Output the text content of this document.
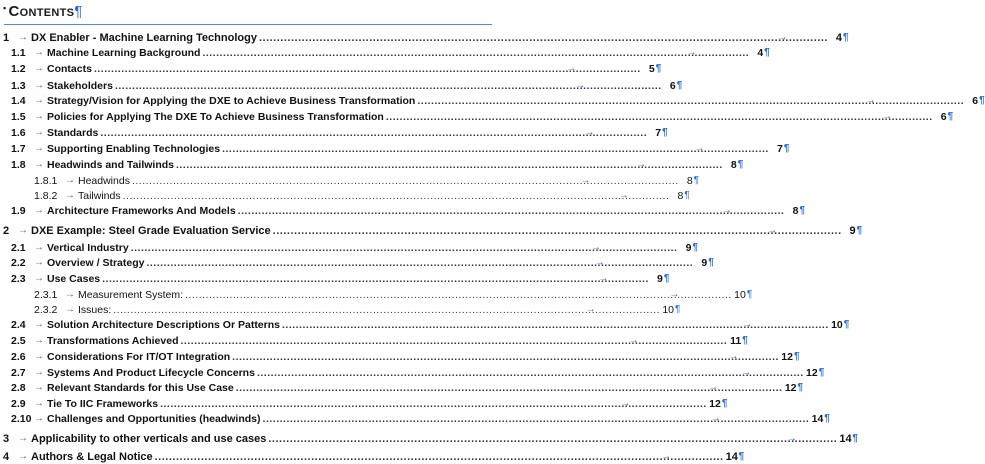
▪ Contents¶
1 → DX Enabler - Machine Learning Technology	..... →	4 ¶
1.1 → Machine Learning Background	..... →	4 ¶
1.2 → Contacts	..... →	5 ¶
1.3 → Stakeholders	..... →	6 ¶
1.4 → Strategy/Vision for Applying the DXE to Achieve Business Transformation	..... →	6 ¶
1.5 → Policies for Applying The DXE To Achieve Business Transformation	..... →	6 ¶
1.6 → Standards	..... →	7 ¶
1.7 → Supporting Enabling Technologies	..... →	7 ¶
1.8 → Headwinds and Tailwinds	..... →	8 ¶
1.8.1 → Headwinds	..... →	8 ¶
1.8.2 → Tailwinds	..... →	8 ¶
1.9 → Architecture Frameworks And Models	..... →	8 ¶
2 → DXE Example: Steel Grade Evaluation Service	..... →	9 ¶
2.1 → Vertical Industry	..... →	9 ¶
2.2 → Overview / Strategy	..... →	9 ¶
2.3 → Use Cases	..... →	9 ¶
2.3.1 → Measurement System:	..... →	10 ¶
2.3.2 → Issues:	..... →	10 ¶
2.4 → Solution Architecture Descriptions Or Patterns	..... →	10 ¶
2.5 → Transformations Achieved	..... →	11 ¶
2.6 → Considerations For IT/OT Integration	..... →	12 ¶
2.7 → Systems And Product Lifecycle Concerns	..... →	12 ¶
2.8 → Relevant Standards for this Use Case	..... →	12 ¶
2.9 → Tie To IIC Frameworks	..... →	12 ¶
2.10 → Challenges and Opportunities (headwinds)	..... →	14 ¶
3 → Applicability to other verticals and use cases	..... →	14 ¶
4 → Authors & Legal Notice	..... →	14 ¶
